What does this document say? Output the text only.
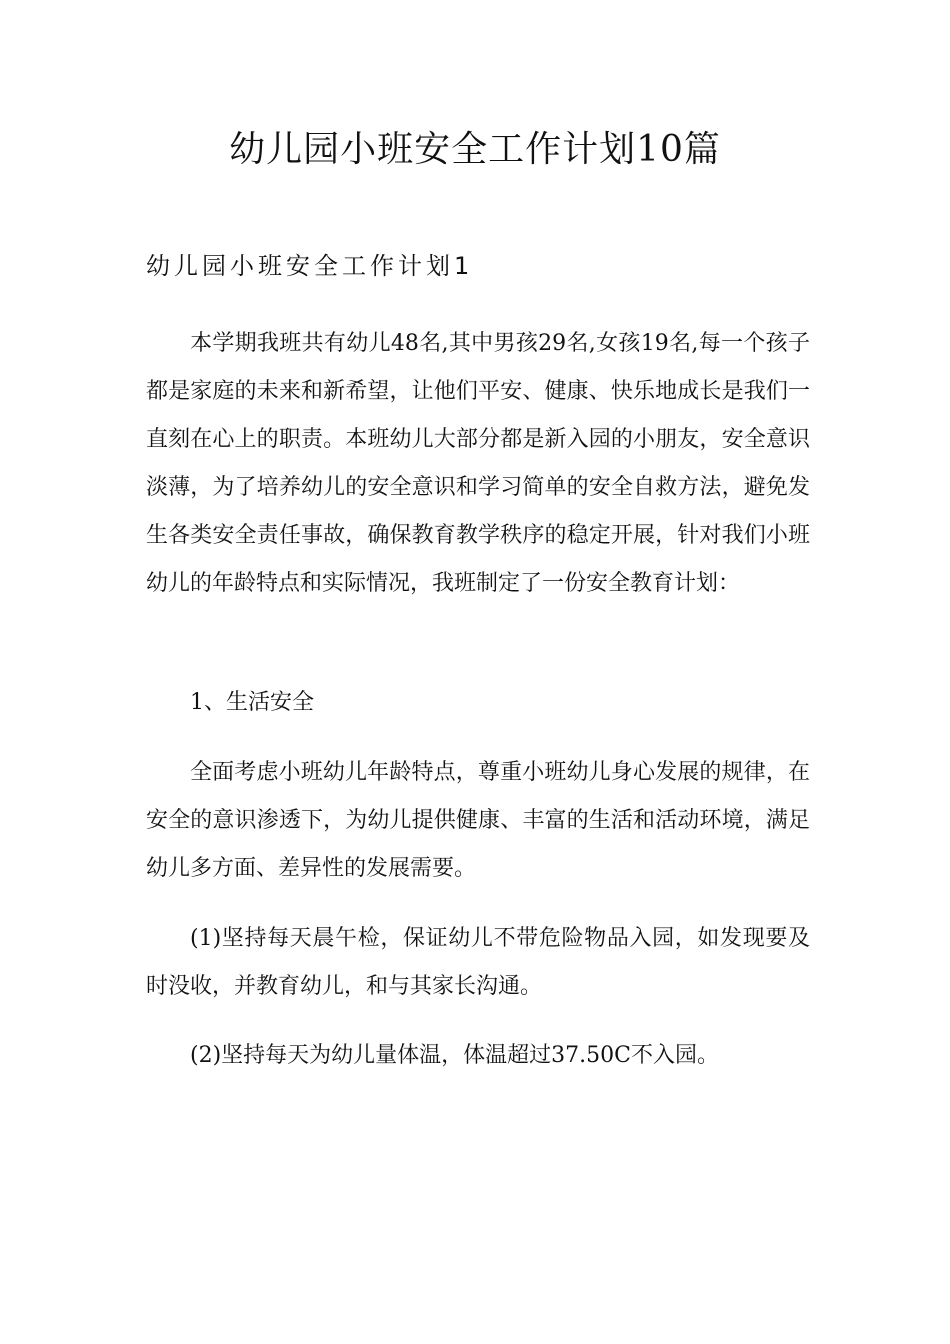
幼儿园小班安全工作计划10篇
幼儿园小班安全工作计划1

本学期我班共有幼儿48名,其中男孩29名,女孩19名,每一个孩子都是家庭的未来和新希望，让他们平安、健康、快乐地成长是我们一直刻在心上的职责。本班幼儿大部分都是新入园的小朋友，安全意识淡薄，为了培养幼儿的安全意识和学习简单的安全自救方法，避免发生各类安全责任事故，确保教育教学秩序的稳定开展，针对我们小班幼儿的年龄特点和实际情况，我班制定了一份安全教育计划：

1、生活安全

全面考虑小班幼儿年龄特点，尊重小班幼儿身心发展的规律，在安全的意识渗透下，为幼儿提供健康、丰富的生活和活动环境，满足幼儿多方面、差异性的发展需要。

(1)坚持每天晨午检，保证幼儿不带危险物品入园，如发现要及时没收，并教育幼儿，和与其家长沟通。

(2)坚持每天为幼儿量体温，体温超过37.50C不入园。
